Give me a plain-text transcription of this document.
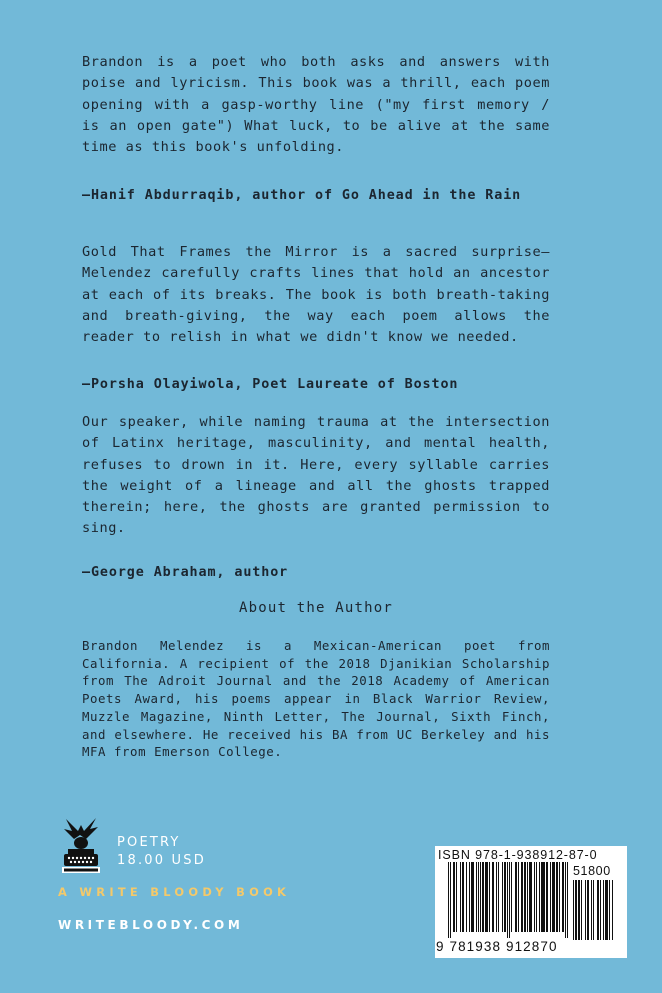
Brandon is a poet who both asks and answers with poise and lyricism. This book was a thrill, each poem opening with a gasp-worthy line ("my first memory / is an open gate") What luck, to be alive at the same time as this book's unfolding.
—Hanif Abdurraqib, author of Go Ahead in the Rain
Gold That Frames the Mirror is a sacred surprise—Melendez carefully crafts lines that hold an ancestor at each of its breaks. The book is both breath-taking and breath-giving, the way each poem allows the reader to relish in what we didn't know we needed.
—Porsha Olayiwola, Poet Laureate of Boston
Our speaker, while naming trauma at the intersection of Latinx heritage, masculinity, and mental health, refuses to drown in it. Here, every syllable carries the weight of a lineage and all the ghosts trapped therein; here, the ghosts are granted permission to sing.
—George Abraham, author
About the Author
Brandon Melendez is a Mexican-American poet from California. A recipient of the 2018 Djanikian Scholarship from The Adroit Journal and the 2018 Academy of American Poets Award, his poems appear in Black Warrior Review, Muzzle Magazine, Ninth Letter, The Journal, Sixth Finch, and elsewhere. He received his BA from UC Berkeley and his MFA from Emerson College.
POETRY
18.00 USD
A WRITE BLOODY BOOK
WRITEBLOODY.COM
ISBN 978-1-938912-87-0
51800
9 781938 912870
